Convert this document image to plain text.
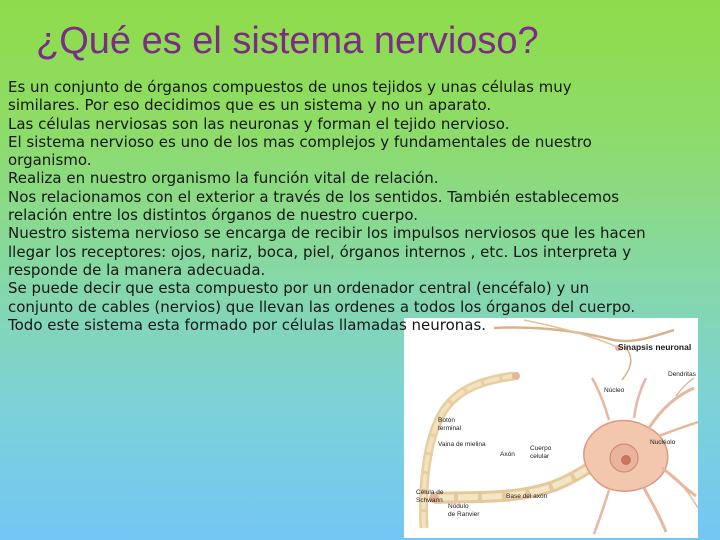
¿Qué es el sistema nervioso?
Sinapsis neuronal
Dendritas
Núcleo
Botón
terminal
Nucléolo
Vaina de mielina
Cuerpo
celular
Axón
Célula de
Schwann
Base del axón
Nódulo
de Ranvier

Es un conjunto de órganos compuestos de unos tejidos y unas células muy similares. Por eso decidimos que es un sistema y no un aparato.

Las células nerviosas son las neuronas y forman el tejido nervioso.

El sistema nervioso es uno de los mas complejos y fundamentales de nuestro organismo.

Realiza en nuestro organismo la función vital de relación.

Nos relacionamos con el exterior a través de los sentidos. También establecemos relación entre los distintos órganos de nuestro cuerpo.

Nuestro sistema nervioso se encarga de recibir los impulsos nerviosos que les hacen llegar los receptores: ojos, nariz, boca, piel, órganos internos , etc. Los interpreta y responde de la manera adecuada.

Se puede decir que esta compuesto por un ordenador central (encéfalo) y un conjunto de cables (nervios) que llevan las ordenes a todos los órganos del cuerpo. Todo este sistema esta formado por células llamadas neuronas.
